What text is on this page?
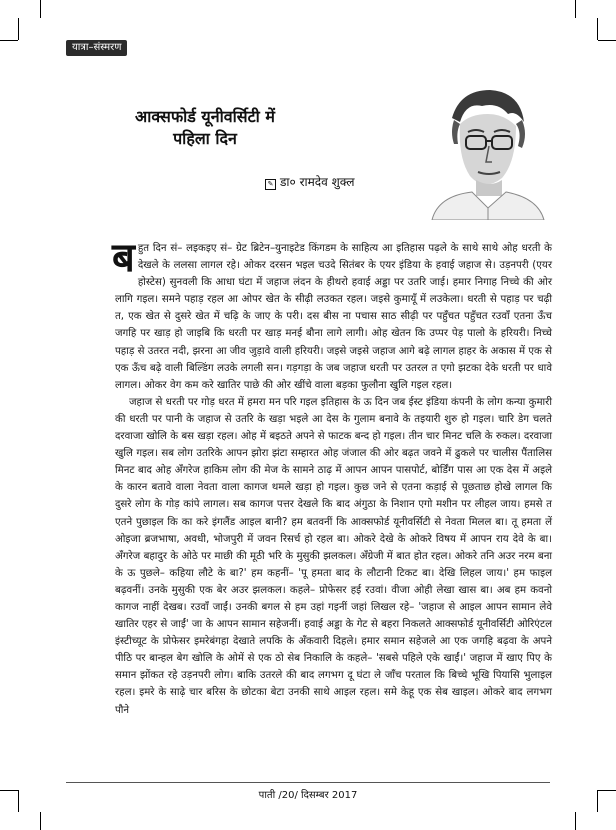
यात्रा–संस्मरण
आक्सफोर्ड यूनीवर्सिटी में
पहिला दिन
✎ डा० रामदेव शुक्ल

बहुत दिन सं– लइकइए सं– ग्रेट ब्रिटेन–युनाइटेड किंगडम के साहित्य आ इतिहास पढ़ले के साथे साथे ओह धरती के देखले के ललसा लागल रहे। ओकर दरसन भइल चउदे सितंबर के एयर इंडिया के हवाई जहाज से। उड़नपरी (एयर होस्टेस) सुनवली कि आधा घंटा में जहाज लंदन के हीथरो हवाई अड्डा पर उतरि जाई। हमार निगाह निच्चे की ओर लागि गइल। समने पहाड़ रहल आ ओपर खेत के सीढ़ी लउकत रहल। जइसे कुमायूँ में लउकेला। धरती से पहाड़ पर चढ़ी त, एक खेत से दुसरे खेत में चढ़ि के जाए के परी। दस बीस ना पचास साठ सीढ़ी पर पहुँचत पहुँचत रउवाँ एतना ऊँच जगहि पर खाड़ हो जाइबि कि धरती पर खाड़ मनई बौना लागे लागी। ओह खेतन कि उप्पर पेड़ पालो के हरियरी। निच्चे पहाड़ से उतरत नदी, झरना आ जीव जुड़ावे वाली हरियरी। जइसे जइसे जहाज आगे बढ़े लागल हाहर के अकास में एक से एक ऊँच बढ़े वाली बिल्डिंग लउके लगली सन। गड़गड़ा के जब जहाज धरती पर उतरल त एगो झटका देके धरती पर धावे लागल। ओकर वेग कम करे खातिर पाछे की ओर खींचे वाला बड़का फुलौना खुलि गइल रहल।

जहाज से धरती पर गोड़ धरत में हमरा मन परि गइल इतिहास के ऊ दिन जब ईस्ट इंडिया कंपनी के लोग कन्या कुमारी की धरती पर पानी के जहाज से उतरि के खड़ा भइले आ देस के गुलाम बनावे के तइयारी शुरु हो गइल। चारि डेग चलते दरवाजा खोलि के बस खड़ा रहल। ओह में बइठते अपने से फाटक बन्द हो गइल। तीन चार मिनट चलि के रुकल। दरवाजा खुलि गइल। सब लोग उतरिके आपन झोरा झंटा सम्हारत ओह जंजाल की ओर बढ़त जवने में ढुकले पर चालीस पैंतालिस मिनट बाद ओह अँगरेज हाकिम लोग की मेज के सामने ठाढ़ में आपन आपन पासपोर्ट, बोर्डिंग पास आ एक देस में अइले के कारन बतावे वाला नेवता वाला कागज थमले खड़ा हो गइल। कुछ जने से एतना कड़ाई से पूछताछ होखे लागल कि दुसरे लोग के गोड़ कांपे लागल। सब कागज पत्तर देखले कि बाद अंगुठा के निशान एगो मशीन पर लीहल जाय। हमसे त एतने पुछाइल कि का करे इंगलैंड आइल बानी? हम बतवनीं कि आक्सफोर्ड यूनीवर्सिटी से नेवता मिलल बा। तू हमता लें ओइजा ब्रजभाषा, अवधी, भोजपुरी में जवन रिसर्च हो रहल बा। ओकरे देखे के ओकरे विषय में आपन राय देवे के बा। अँगरेज बहादुर के ओठे पर माछी की मूठी भरि के मुसुकी झलकल। अँग्रेजी में बात होत रहल। ओकरे तनि अउर नरम बना के ऊ पुछले– कहिया लौटे के बा?' हम कहनीं– 'पू हमता बाद के लौटानी टिकट बा। देखि लिहल जाय।' हम फाइल बढ़वनीं। उनके मुसुकी एक बेर अउर झलकल। कहले– प्रोफेसर हई रउवां। वीजा ओही लेखा खास बा। अब हम कवनो कागज नाहीं देखब। रउवाँ जाईं। उनकी बगल से हम उहां गइनीं जहां लिखल रहे– 'जहाज से आइल आपन सामान लेवे खातिर एहर से जाईं' जा के आपन सामान सहेजनीं। हवाई अड्डा के गेट से बहरा निकलते आक्सफोर्ड यूनीवर्सिटी ओरिएंटल इंस्टीच्यूट के प्रोफेसर इमरेबंगहा देखाते लपकि के अँकवारी दिहले। हमार समान सहेजले आ एक जगहि बढ़वा के अपने पीठि पर बान्हल बेग खोलि के ओमें से एक ठो सेब निकालि के कहले– 'सबसे पहिले एके खाईं।' जहाज में खाए पिए के समान झोंकत रहे उड़नपरी लोग। बाकि उतरले की बाद लगभग दू घंटा ले जाँच परताल कि बिच्चे भूखि पियासि भुलाइल रहल। इमरे के साढ़े चार बरिस के छोटका बेटा उनकी साथे आइल रहल। समे केहू एक सेब खाइल। ओकरे बाद लगभग पौने

पाती /20/ दिसम्बर 2017
